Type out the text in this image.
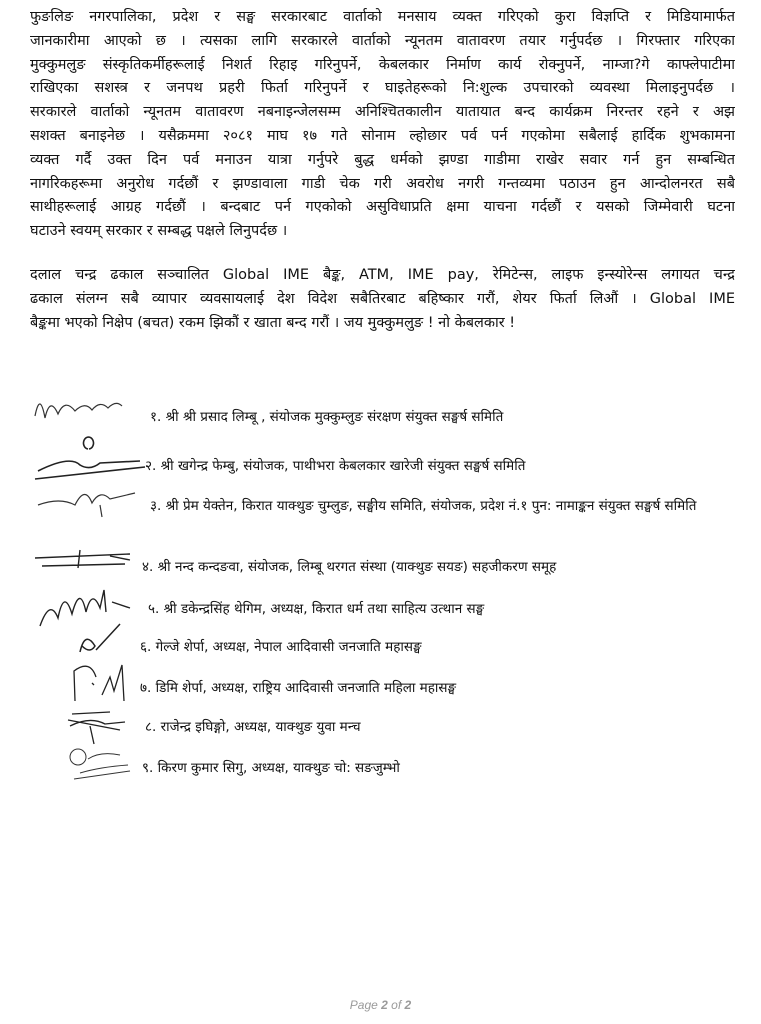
फुङलिङ नगरपालिका, प्रदेश र सङ्घ सरकारबाट वार्ताको मनसाय व्यक्त गरिएको कुरा विज्ञप्ति र मिडियामार्फत
जानकारीमा आएको छ । त्यसका लागि सरकारले वार्ताको न्यूनतम वातावरण तयार गर्नुपर्दछ । गिरफ्तार गरिएका
मुक्कुमलुङ संस्कृतिकर्मीहरूलाई निशर्त रिहाइ गरिनुपर्ने, केबलकार निर्माण कार्य रोक्नुपर्ने, नाम्जा?गे काफ्लेपाटीमा
राखिएका सशस्त्र र जनपथ प्रहरी फिर्ता गरिनुपर्ने र घाइतेहरूको नि:शुल्क उपचारको व्यवस्था मिलाइनुपर्दछ ।
सरकारले वार्ताको न्यूनतम वातावरण नबनाइन्जेलसम्म अनिश्चितकालीन यातायात बन्द कार्यक्रम निरन्तर रहने र अझ
सशक्त बनाइनेछ । यसैक्रममा २०८१ माघ १७ गते सोनाम ल्होछार पर्व पर्न गएकोमा सबैलाई हार्दिक शुभकामना
व्यक्त गर्दै उक्त दिन पर्व मनाउन यात्रा गर्नुपरे बुद्ध धर्मको झण्डा गाडीमा राखेर सवार गर्न हुन सम्बन्धित
नागरिकहरूमा अनुरोध गर्दछौं र झण्डावाला गाडी चेक गरी अवरोध नगरी गन्तव्यमा पठाउन हुन आन्दोलनरत सबै
साथीहरूलाई आग्रह गर्दछौं । बन्दबाट पर्न गएकोको असुविधाप्रति क्षमा याचना गर्दछौं र यसको जिम्मेवारी घटना
घटाउने स्वयम् सरकार र सम्बद्ध पक्षले लिनुपर्दछ ।
दलाल चन्द्र ढकाल सञ्चालित Global IME बैङ्क, ATM, IME pay, रेमिटेन्स, लाइफ इन्स्योरेन्स लगायत चन्द्र
ढकाल संलग्न सबै व्यापार व्यवसायलाई देश विदेश सबैतिरबाट बहिष्कार गरौं, शेयर फिर्ता लिऔं । Global IME
बैङ्कमा भएको निक्षेप (बचत) रकम झिकौं र खाता बन्द गरौं । जय मुक्कुमलुङ ! नो केबलकार !
१. श्री श्री प्रसाद लिम्बू , संयोजक मुक्कुम्लुङ संरक्षण संयुक्त सङ्घर्ष समिति
२. श्री खगेन्द्र फेम्बु, संयोजक, पाथीभरा केबलकार खारेजी संयुक्त सङ्घर्ष समिति
३. श्री प्रेम येक्तेन, किरात याक्थुङ चुम्लुङ, सङ्घीय समिति, संयोजक, प्रदेश नं.१ पुन: नामाङ्कन संयुक्त सङ्घर्ष समिति
४. श्री नन्द कन्दङवा, संयोजक, लिम्बू थरगत संस्था (याक्थुङ सयङ) सहजीकरण समूह
५. श्री डकेन्द्रसिंह थेगिम, अध्यक्ष, किरात धर्म तथा साहित्य उत्थान सङ्घ
६. गेल्जे शेर्पा, अध्यक्ष, नेपाल आदिवासी जनजाति महासङ्घ
७. डिमि शेर्पा, अध्यक्ष, राष्ट्रिय आदिवासी जनजाति महिला महासङ्घ
८. राजेन्द्र इघिङ्गो, अध्यक्ष, याक्थुङ युवा मन्च
९. किरण कुमार सिगु, अध्यक्ष, याक्थुङ चो: सङजुम्भो
Page 2 of 2
